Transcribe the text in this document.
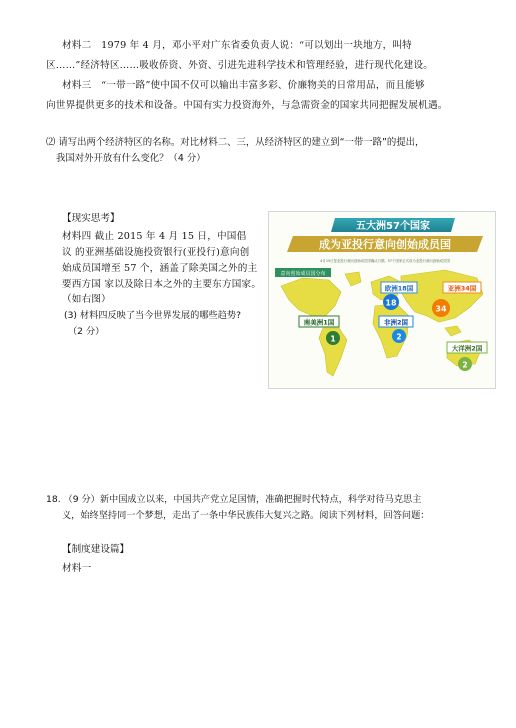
材料二　1979 年 4 月，邓小平对广东省委负责人说：“可以划出一块地方，叫特
区……”经济特区……吸收侨资、外资、引进先进科学技术和管理经验，进行现代化建设。
材料三　“一带一路”使中国不仅可以输出丰富多彩、价廉物美的日常用品，而且能够
向世界提供更多的技术和设备。中国有实力投资海外，与急需资金的国家共同把握发展机遇。
⑵ 请写出两个经济特区的名称。对比材料二、三，从经济特区的建立到“一带一路”的提出，
我国对外开放有什么变化？（4 分）
【现实思考】
材料四 截止 2015 年 4 月 15 日，中国倡
议 的亚洲基础设施投资银行(亚投行)意向创
始成员国增至 57 个，涵盖了除美国之外的主
要西方国 家以及除日本之外的主要东方国家。
（如右图）
(3) 材料四反映了当今世界发展的哪些趋势?
（2 分）
五大洲57个国家
成为亚投行意向创始成员国
4月15日是亚投行意向创始成员国确认日期，57个国家正式成为亚投行意向创始成员国
意向创始成员国分布
欧洲18国	亚洲34国
南美洲1国	非洲2国
大洋洲2国
18
34
1	2
2
18. （9 分）新中国成立以来，中国共产党立足国情，准确把握时代特点，科学对待马克思主
义，始终坚持同一个梦想，走出了一条中华民族伟大复兴之路。阅读下列材料，回答问题：
【制度建设篇】
材料一
